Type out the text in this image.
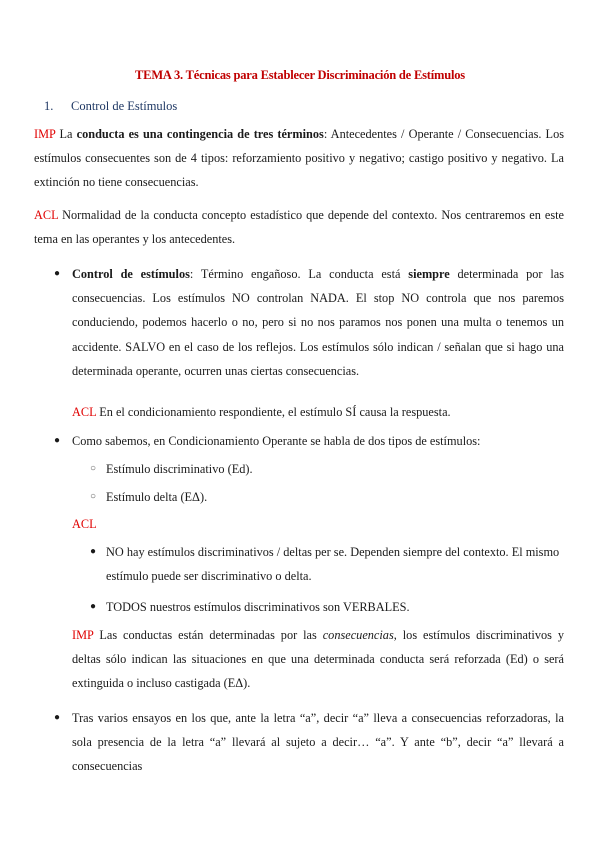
TEMA 3. Técnicas para Establecer Discriminación de Estímulos
1. Control de Estímulos
IMP La conducta es una contingencia de tres términos: Antecedentes / Operante / Consecuencias. Los estímulos consecuentes son de 4 tipos: reforzamiento positivo y negativo; castigo positivo y negativo. La extinción no tiene consecuencias.
ACL Normalidad de la conducta concepto estadístico que depende del contexto. Nos centraremos en este tema en las operantes y los antecedentes.
● Control de estímulos: Término engañoso. La conducta está siempre determinada por las consecuencias. Los estímulos NO controlan NADA. El stop NO controla que nos paremos conduciendo, podemos hacerlo o no, pero si no nos paramos nos ponen una multa o tenemos un accidente. SALVO en el caso de los reflejos. Los estímulos sólo indican / señalan que si hago una determinada operante, ocurren unas ciertas consecuencias.
ACL En el condicionamiento respondiente, el estímulo SÍ causa la respuesta.
● Como sabemos, en Condicionamiento Operante se habla de dos tipos de estímulos:
○ Estímulo discriminativo (Ed).
○ Estímulo delta (EΔ).
ACL
● NO hay estímulos discriminativos / deltas per se. Dependen siempre del contexto. El mismo estímulo puede ser discriminativo o delta.
● TODOS nuestros estímulos discriminativos son VERBALES.
IMP Las conductas están determinadas por las consecuencias, los estímulos discriminativos y deltas sólo indican las situaciones en que una determinada conducta será reforzada (Ed) o será extinguida o incluso castigada (EΔ).
● Tras varios ensayos en los que, ante la letra “a”, decir “a” lleva a consecuencias reforzadoras, la sola presencia de la letra “a” llevará al sujeto a decir… “a”. Y ante “b”, decir “a” llevará a consecuencias
